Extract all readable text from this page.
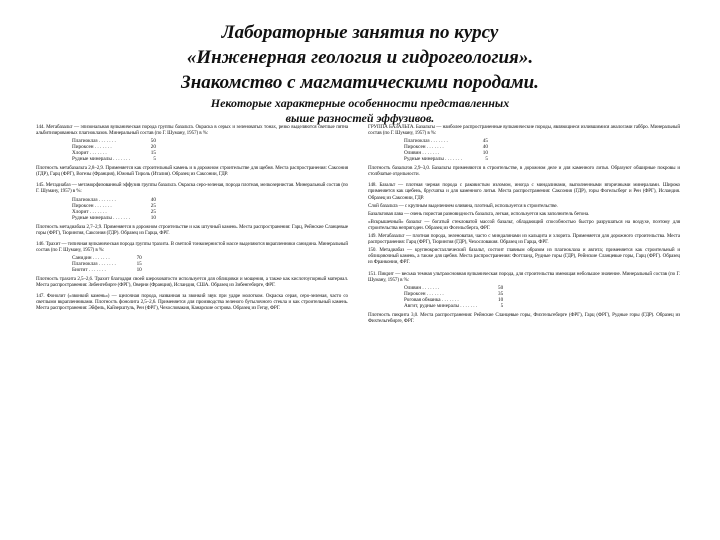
Лабораторные занятия по курсу
«Инженерная геология и гидрогеология».
Знакомство с магматическими породами.
Некоторые характерные особенности представленных
выше разностей эффузивов.

144. Метабазальт — эпизональная вулканическая порода группы базальта. Окраска в серых и зеленоватых тонах, резко выделяются светлые пятна альбитизированных плагиоклазов. Минеральный состав (по Г. Шуману, 1957) в %:

Плагиоклаз . . . . . . .	50
Пироксен . . . . . . .	20
Хлорит . . . . . . .	15
Рудные минералы . . . . . . .	5

Плотность метабазальта 2,8–2,9. Применяется как строительный камень и в дорожном строительстве для щебня. Места распространения: Саксония (ГДР), Гарц (ФРГ), Вогезы (Франция), Южный Тироль (Италия). Образец из Саксонии, ГДР.

145. Метадиабаз — метаморфизованный эффузив группы базальта. Окраска серо-зеленая, порода плотная, мелкозернистая. Минеральный состав (по Г. Шуману, 1957) в %:

Плагиоклаз . . . . . . .	40
Пироксен . . . . . . .	25
Хлорит . . . . . . .	25
Рудные минералы . . . . . . .	10

Плотность метадиабаза 2,7–2,9. Применяется в дорожном строительстве и как штучный камень. Места распространения: Гарц, Рейнские Сланцевые горы (ФРГ), Тюрингия, Саксония (ГДР). Образец из Гарца, ФРГ.

146. Трахит — типичная вулканическая порода группы трахита. В светлой тонкозернистой массе выделяются вкрапленники санидина. Минеральный состав (по Г. Шуману, 1957) в %:

Санидин . . . . . . .	70
Плагиоклаз . . . . . . .	15
Биотит . . . . . . .	10

Плотность трахита 2,5–2,6. Трахит благодаря своей шероховатости используется для облицовки и мощения, а также как кислотоупорный материал. Места распространения: Зибенгебирге (ФРГ), Оверни (Франция), Исландия, США. Образец из Зибенгебирге, ФРГ.

147. Фонолит («звонкий камень») — щелочная порода, названная за звонкий звук при ударе молотком. Окраска серая, серо-зеленая, часто со светлыми вкрапленниками. Плотность фонолита 2,5–2,6. Применяется для производства зеленого бутылочного стекла и как строительный камень. Места распространения: Эйфель, Кайзерштуль, Рен (ФРГ), Чехословакия, Канарские острова. Образец из Гегау, ФРГ.

ГРУППА БАЗАЛЬТА. Базальты — наиболее распространенные вулканические породы, являющиеся излившимися аналогами габбро. Минеральный состав (по Г. Шуману, 1957) в %:

Плагиоклаз . . . . . . .	45
Пироксен . . . . . . .	40
Оливин . . . . . . .	10
Рудные минералы . . . . . . .	5

Плотность базальтов 2,9–3,0. Базальты применяются в строительстве, в дорожном деле и для каменного литья. Образуют обширные покровы и столбчатые отдельности.

148. Базальт — плотная черная порода с раковистым изломом, иногда с миндалинами, выполненными вторичными минералами. Широко применяется как щебень, брусчатка и для каменного литья. Места распространения: Саксония (ГДР), горы Фогельсберг и Рен (ФРГ), Исландия. Образец из Саксонии, ГДР.

Слой базальта — с крупным выделением оливина, плотный, используется в строительстве.

Базальтовая лава — очень пористая разновидность базальта, легкая, используется как заполнитель бетона.

«Вскрышечный» базальт — богатый стекловатой массой базальт, обладающий способностью быстро разрушаться на воздухе, поэтому для строительства непригоден. Образец из Фогельсберга, ФРГ.

149. Метабазальт — плотная порода, зеленоватая, часто с миндалинами из кальцита и хлорита. Применяется для дорожного строительства. Места распространения: Гарц (ФРГ), Тюрингия (ГДР), Чехословакия. Образец из Гарца, ФРГ.

150. Метадиабаз — крупнокристаллический базальт, состоит главным образом из плагиоклаза и авгита; применяется как строительный и облицовочный камень, а также для щебня. Места распространения: Фогтланд, Рудные горы (ГДР), Рейнские Сланцевые горы, Гарц (ФРГ). Образец из Франконии, ФРГ.

151. Пикрит — весьма темная ультраосновная вулканическая порода, для строительства имеющая небольшое значение. Минеральный состав (по Г. Шуману, 1957) в %:

Оливин . . . . . . .	50
Пироксен . . . . . . .	35
Роговая обманка . . . . . . .	10
Авгит, рудные минералы . . . . . . .	5

Плотность пикрита 3,0. Места распространения: Рейнские Сланцевые горы, Фихтельгебирге (ФРГ), Гарц (ФРГ), Рудные горы (ГДР). Образец из Фихтельгебирге, ФРГ.
